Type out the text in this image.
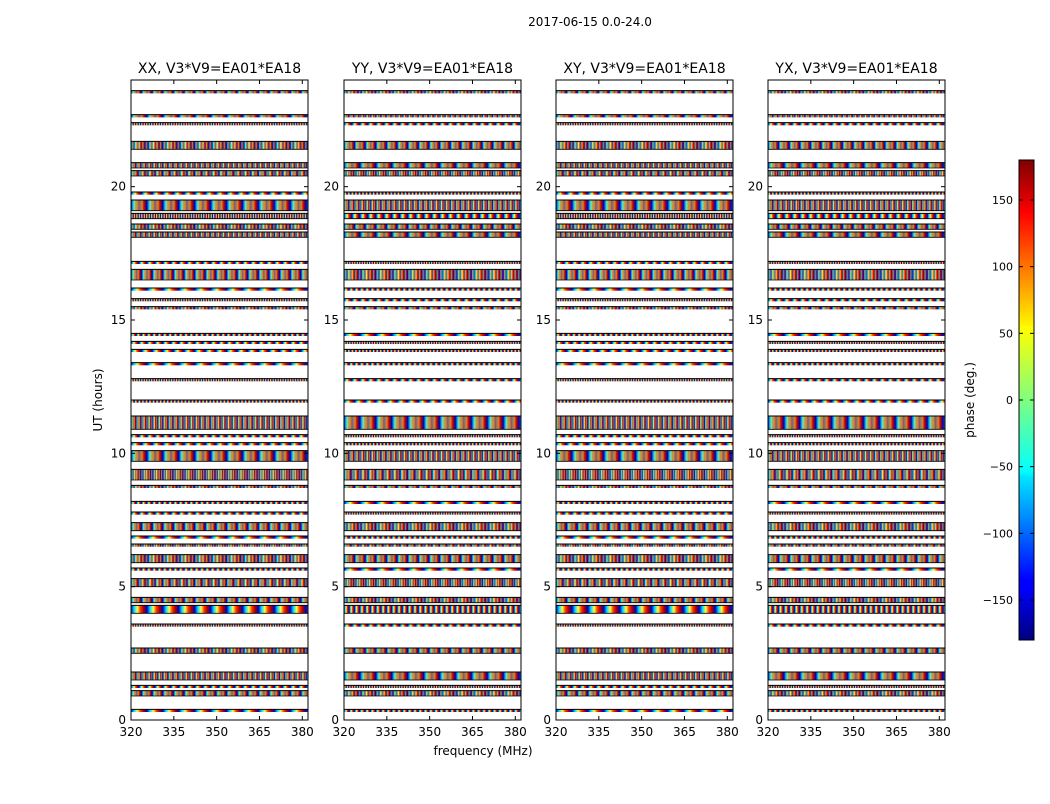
2017-06-15 0.0-24.0
UT (hours)
frequency (MHz)
XX, V3*V9=EA01*EA18
320 335 350 365 380
0
5
10
15
20
YY, V3*V9=EA01*EA18
320 335 350 365 380
0
5
10
15
20
XY, V3*V9=EA01*EA18
320 335 350 365 380
0
5
10
15
20
YX, V3*V9=EA01*EA18
320 335 350 365 380
0
5
10
15
20
phase (deg.)
−150
−100
−50
0
50
100
150
